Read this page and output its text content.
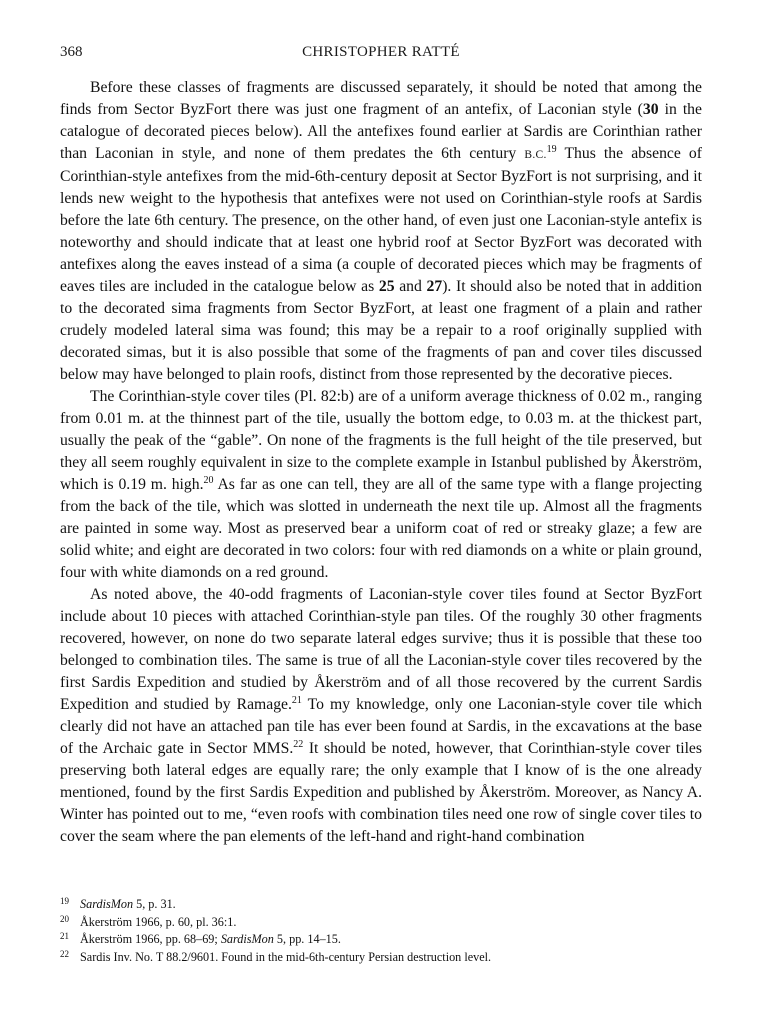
368	CHRISTOPHER RATTÉ

Before these classes of fragments are discussed separately, it should be noted that among the finds from Sector ByzFort there was just one fragment of an antefix, of Laconian style (30 in the catalogue of decorated pieces below). All the antefixes found earlier at Sardis are Corinthian rather than Laconian in style, and none of them predates the 6th century B.C.$^{19}$ Thus the absence of Corinthian-style antefixes from the mid-6th-century deposit at Sector ByzFort is not surprising, and it lends new weight to the hypothesis that antefixes were not used on Corinthian-style roofs at Sardis before the late 6th century. The presence, on the other hand, of even just one Laconian-style antefix is noteworthy and should indicate that at least one hybrid roof at Sector ByzFort was decorated with antefixes along the eaves instead of a sima (a couple of decorated pieces which may be fragments of eaves tiles are included in the catalogue below as 25 and 27). It should also be noted that in addition to the decorated sima fragments from Sector ByzFort, at least one fragment of a plain and rather crudely modeled lateral sima was found; this may be a repair to a roof originally supplied with decorated simas, but it is also possible that some of the fragments of pan and cover tiles discussed below may have belonged to plain roofs, distinct from those represented by the decorative pieces.

The Corinthian-style cover tiles (Pl. 82:b) are of a uniform average thickness of 0.02 m., ranging from 0.01 m. at the thinnest part of the tile, usually the bottom edge, to 0.03 m. at the thickest part, usually the peak of the “gable”. On none of the fragments is the full height of the tile preserved, but they all seem roughly equivalent in size to the complete example in Istanbul published by Åkerström, which is 0.19 m. high.$^{20}$ As far as one can tell, they are all of the same type with a flange projecting from the back of the tile, which was slotted in underneath the next tile up. Almost all the fragments are painted in some way. Most as preserved bear a uniform coat of red or streaky glaze; a few are solid white; and eight are decorated in two colors: four with red diamonds on a white or plain ground, four with white diamonds on a red ground.

As noted above, the 40-odd fragments of Laconian-style cover tiles found at Sector ByzFort include about 10 pieces with attached Corinthian-style pan tiles. Of the roughly 30 other fragments recovered, however, on none do two separate lateral edges survive; thus it is possible that these too belonged to combination tiles. The same is true of all the Laconian-style cover tiles recovered by the first Sardis Expedition and studied by Åkerström and of all those recovered by the current Sardis Expedition and studied by Ramage.$^{21}$ To my knowledge, only one Laconian-style cover tile which clearly did not have an attached pan tile has ever been found at Sardis, in the excavations at the base of the Archaic gate in Sector MMS.$^{22}$ It should be noted, however, that Corinthian-style cover tiles preserving both lateral edges are equally rare; the only example that I know of is the one already mentioned, found by the first Sardis Expedition and published by Åkerström. Moreover, as Nancy A. Winter has pointed out to me, “even roofs with combination tiles need one row of single cover tiles to cover the seam where the pan elements of the left-hand and right-hand combination

19 SardisMon 5, p. 31.
20 Åkerström 1966, p. 60, pl. 36:1.
21 Åkerström 1966, pp. 68–69; SardisMon 5, pp. 14–15.
22 Sardis Inv. No. T 88.2/9601. Found in the mid-6th-century Persian destruction level.
